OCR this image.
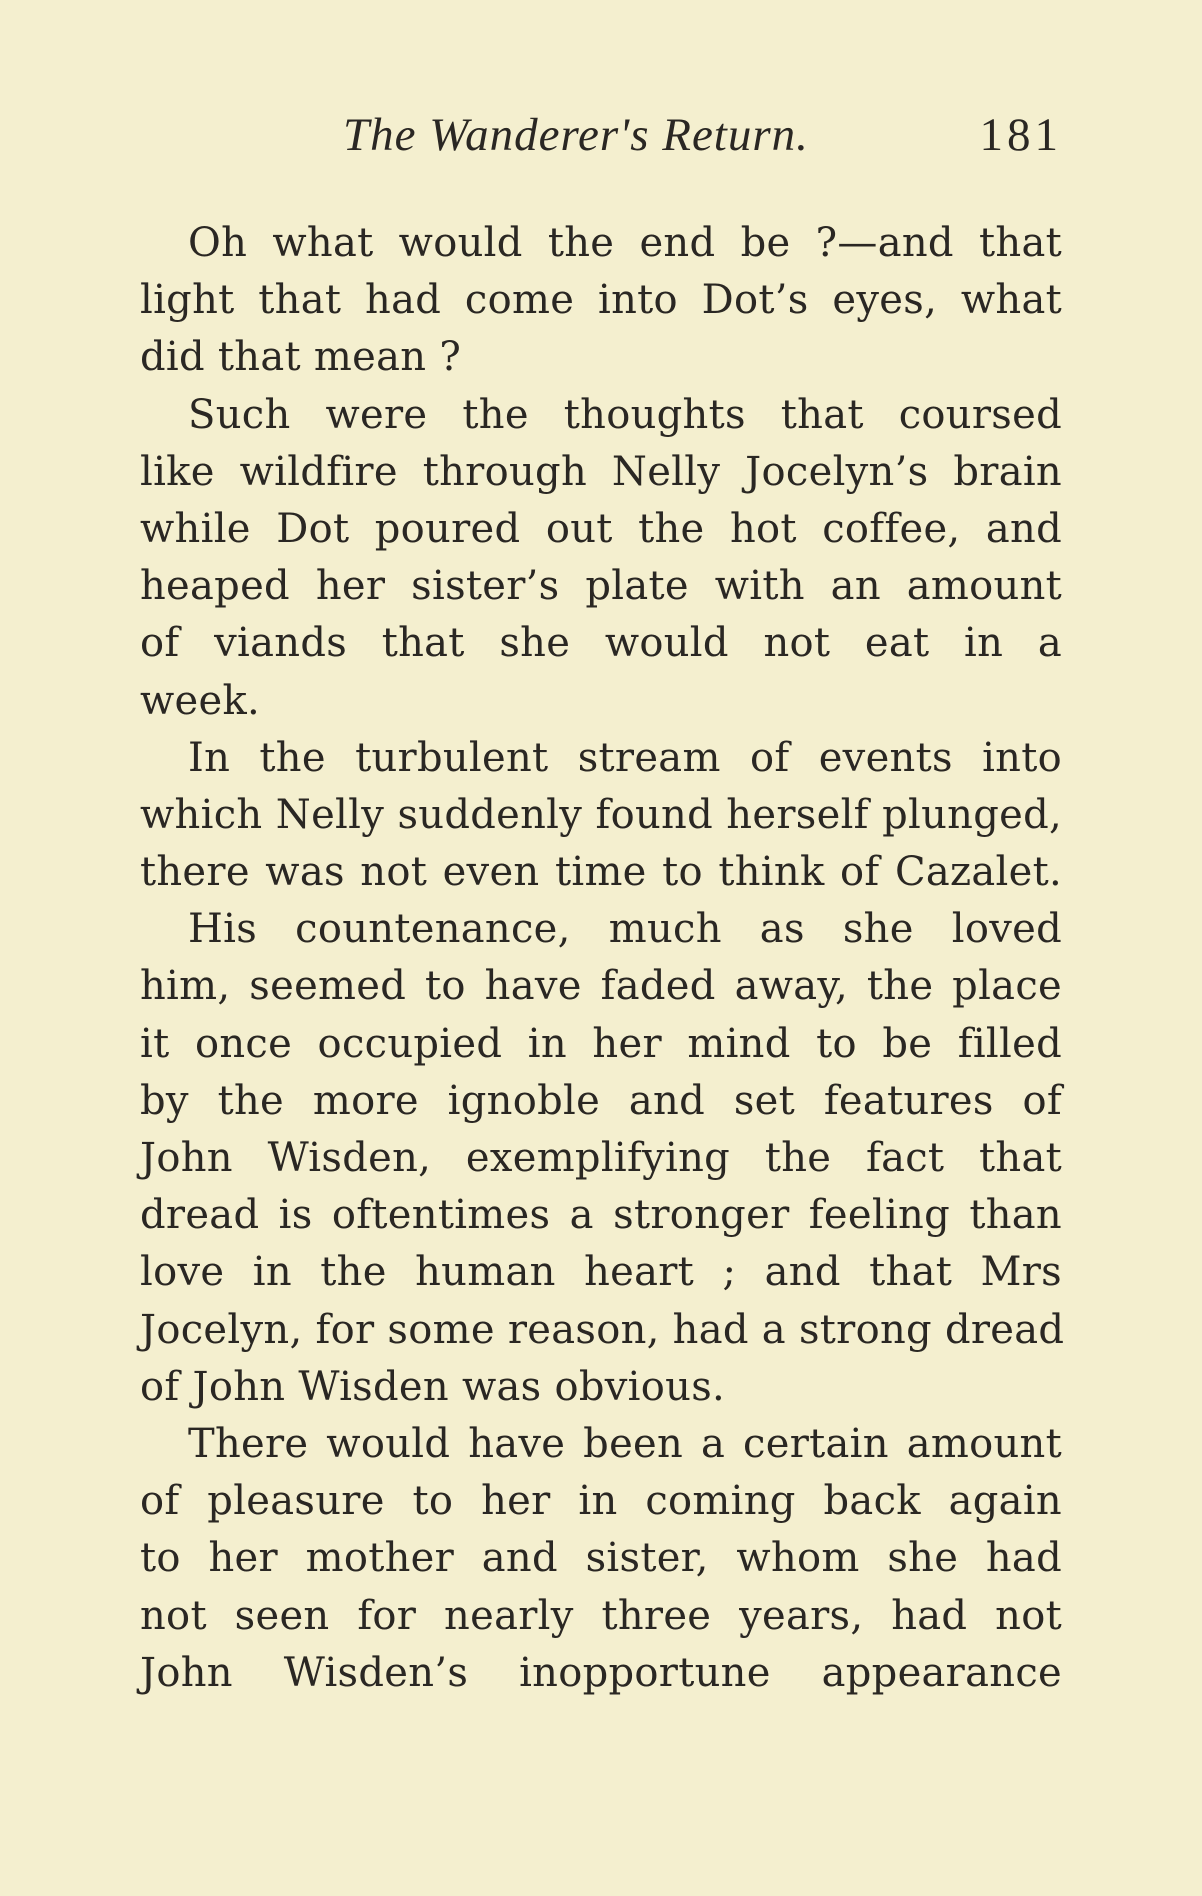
The Wanderer's Return.	181
Oh what would the end be ?—and that
light that had come into Dot’s eyes, what
did that mean ?
Such were the thoughts that coursed
like wildfire through Nelly Jocelyn’s brain
while Dot poured out the hot coffee, and
heaped her sister’s plate with an amount
of viands that she would not eat in a
week.
In the turbulent stream of events into
which Nelly suddenly found herself plunged,
there was not even time to think of Cazalet.
His countenance, much as she loved
him, seemed to have faded away, the place
it once occupied in her mind to be filled
by the more ignoble and set features of
John Wisden, exemplifying the fact that
dread is oftentimes a stronger feeling than
love in the human heart ; and that Mrs
Jocelyn, for some reason, had a strong dread
of John Wisden was obvious.
There would have been a certain amount
of pleasure to her in coming back again
to her mother and sister, whom she had
not seen for nearly three years, had not
John Wisden’s inopportune appearance
